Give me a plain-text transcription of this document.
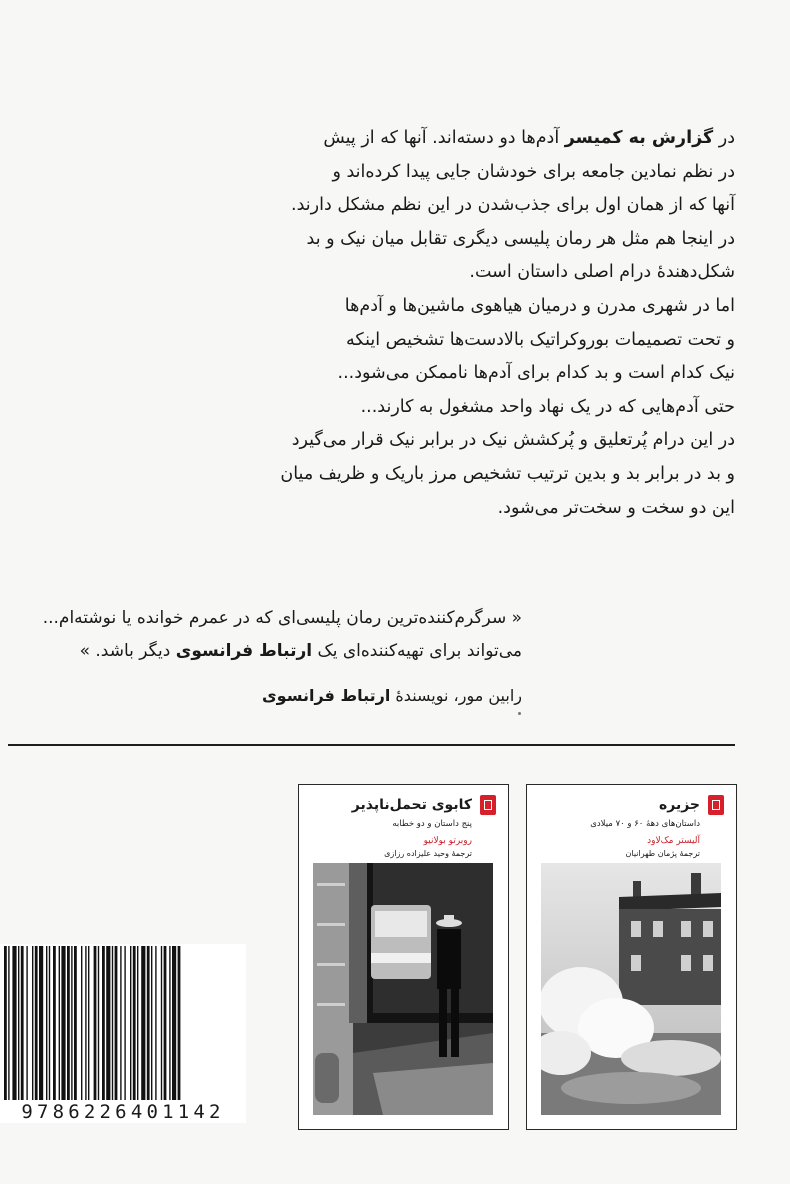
در گزارش به کمیسر آدم‌ها دو دسته‌اند. آنها که از پیش

در نظم نمادین جامعه برای خودشان جایی پیدا کرده‌اند و

آنها که از همان اول برای جذب‌شدن در این نظم مشکل دارند.

در اینجا هم مثل هر رمان پلیسی دیگری تقابل میان نیک و بد

شکل‌دهندهٔ درام اصلی داستان است.

اما در شهری مدرن و درمیان هیاهوی ماشین‌ها و آدم‌ها

و تحت تصمیمات بوروکراتیک بالادست‌ها تشخیص اینکه

نیک کدام است و بد کدام برای آدم‌ها ناممکن می‌شود...

حتی آدم‌هایی که در یک نهاد واحد مشغول به کارند...

در این درام پُرتعلیق و پُرکشش نیک در برابر نیک قرار می‌گیرد

و بد در برابر بد و بدین ترتیب تشخیص مرز باریک و ظریف میان

این دو سخت و سخت‌تر می‌شود.

« سرگرم‌کننده‌ترین رمان پلیسی‌ای که در عمرم خوانده یا نوشته‌ام...

می‌تواند برای تهیه‌کننده‌ای یک ارتباط فرانسوی دیگر باشد. »

رابین مور، نویسندهٔ ارتباط فرانسوی
9786226401142
کابوی تحمل‌ناپذیر
پنج داستان و دو خطابه
روبرتو بولانیو
ترجمهٔ وحید علیزاده رزازی
جزیره
داستان‌های دههٔ ۶۰ و ۷۰ میلادی
آلیستر مک‌لاود
ترجمهٔ پژمان طهرانیان
